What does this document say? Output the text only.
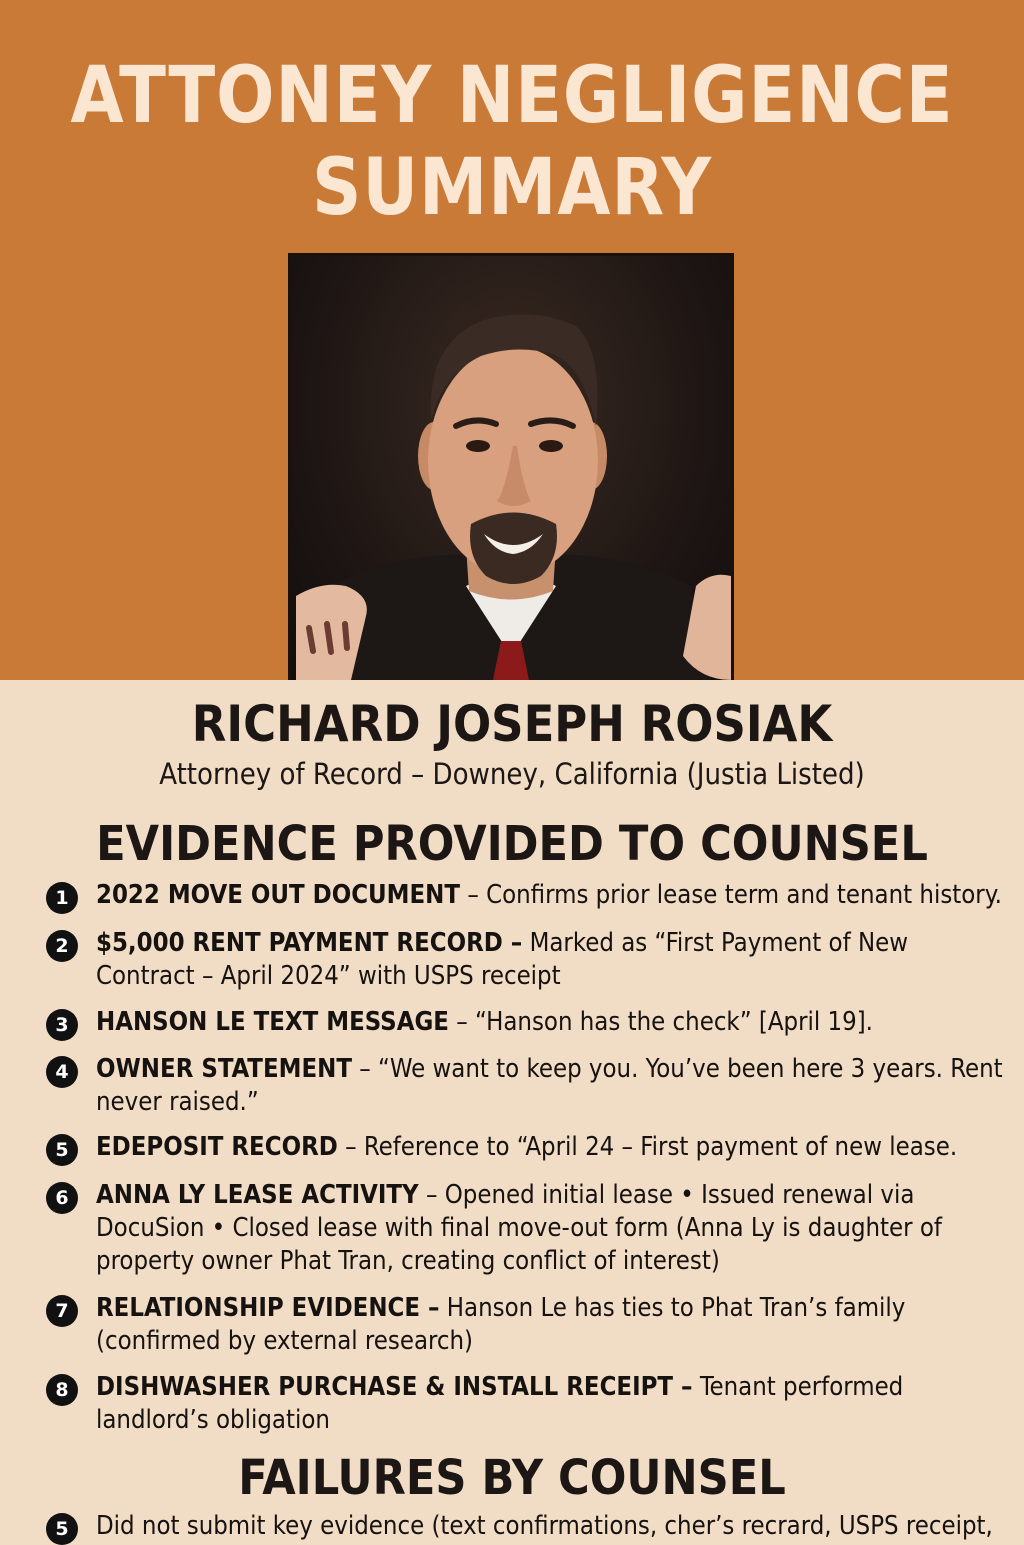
ATTONEY NEGLIGENCE
SUMMARY
RICHARD JOSEPH ROSIAK
Attorney of Record – Downey, California (Justia Listed)
EVIDENCE PROVIDED TO COUNSEL
1	2022 MOVE OUT DOCUMENT – Confirms prior lease term and tenant history.
2	$5,000 RENT PAYMENT RECORD – Marked as “First Payment of New Contract – April 2024” with USPS receipt
3	HANSON LE TEXT MESSAGE – “Hanson has the check” [April 19].
4	OWNER STATEMENT – “We want to keep you. You’ve been here 3 years. Rent never raised.”
5	EDEPOSIT RECORD – Reference to “April 24 – First payment of new lease.
6	ANNA LY LEASE ACTIVITY – Opened initial lease • Issued renewal via DocuSion • Closed lease with final move-out form (Anna Ly is daughter of property owner Phat Tran, creating conflict of interest)
7	RELATIONSHIP EVIDENCE – Hanson Le has ties to Phat Tran’s family (confirmed by external research)
8	DISHWASHER PURCHASE & INSTALL RECEIPT – Tenant performed landlord’s obligation
FAILURES BY COUNSEL
5	Did not submit key evidence (text confirmations, cher’s recrard, USPS receipt,
